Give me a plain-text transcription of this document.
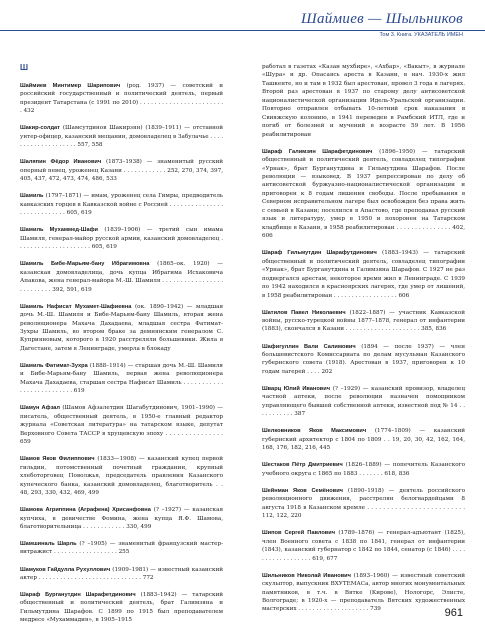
Шаймиев — Шыльников
Том 3. Книга. УКАЗАТЕЛЬ ИМЕН
Ш

Шаймиев Минтимер Шарипович (род. 1937) — советский и российский государственный и политический деятель, первый президент Татарстана (с 1991 по 2010) . . . . . . . . . . . . . . . . . . . . . . . . 432

Шакир-солдат (Шамсутдинов Шакирзян) (1839–1911) — отставной унтер-офицер, казанский мещанин, домовладелец в Забулачье . . . . . . . . . . . . . . . . . . . . 557, 558

Шаляпин Фёдор Иванович (1873–1938) — знаменитый русский оперный певец, уроженец Казани . . . . . . . . . . . . 252, 270, 374, 397, 405, 437, 472, 473, 474, 486, 533

Шамиль (1797–1871) — имам, уроженец села Гимры, предводитель кавказских горцев в Кавказской войне с Россией . . . . . . . . . . . . . . . . . . . . . . . . . . . . 605, 619

Шамиль Мухаммед-Шафи (1839–1906) — третий сын имама Шамиля, генерал-майор русской армии, казанский домовладелец . . . . . . . . . . . . . . . . . . . . . 605, 619

Шамиль Бибе-Марьям-бану Ибрагимовна (1865–ок. 1920) — казанская домовладелица, дочь купца Ибрагима Исхаковича Апакова, жена генерал-майора М.-Ш. Шамиля . . . . . . . . . . . . . . . . . . . . . . . . . . 392, 591, 619

Шамиль Нафисат Мухамет-Шафиевна (ок. 1890–1942) — младшая дочь М.-Ш. Шамиля и Бибе-Марьям-бану Шамиль, вторая жена революционера Махача Дахадаева, младшая сестра Фатимат-Зухры Шамиль, во втором браке за демнянским генералом С. Куприяновым, которого в 1920 расстреляли большевики. Жила в Дагестане, затем в Ленинграде, умерла в блокаду

Шамиль Фатимат-Зухра (1888–1914) — старшая дочь М.-Ш. Шамиля и Бибе-Марьям-бану Шамиль, первая жена революционера Махача Дахадаева, старшая сестра Нафисат Шамиль . . . . . . . . . . . . . . . . . . . . . . . . . . 619

Шамун Афзал (Шамов Афзалетдин Шагабутдинович, 1901–1990) — писатель, общественный деятель, в 1950-е главный редактор журнала «Советская литература» на татарском языке, депутат Верховного Совета ТАССР в хрущевскую эпоху . . . . . . . . . . . . . . . 659

Шамов Яков Филиппович (1833—1908) — казанский купец первой гильдии, потомственный почетный гражданин, крупный хлеботорговец Поволжья, председатель правления Казанского купеческого банка, казанский домовладелец, благотворитель . . 48, 293, 330, 432, 469, 499

Шамова Агриппина (Аграфена) Хрисанфовна (? –1927) — казанская купчиха, в девичестве Фомина, жена купца Я.Ф. Шамова, благотворительница . . . . . . . . . . . . 330, 499

Шамшиналь Шарль (? –1905) — знаменитый французский мастер-витражист . . . . . . . . . . . . . . . . . . 255

Шамуков Гайдулла Рухуллович (1909–1981) — известный казанский актер . . . . . . . . . . . . . . . . . . . . . . . . . . . . . 772

Шараф Бурганутдин Шарафетдинович (1883–1942) — татарский общественный и политический деятель, брат Галимзяна и Гильмутдина Шарафов. С 1899 по 1915 был преподавателем медресе «Мухаммадия», в 1905–1915

работал в газетах «Казан мухбире», «Ахбар», «Вакыт», в журнале «Шура» и др. Опасаясь ареста в Казани, в нач. 1930-х жил Ташкенте, но и там в 1932 был арестован, провел 3 года в лагерях. Второй раз арестован в 1937 по старому делу антисоветской националистической организации Идель-Уральской организации. Повторно отправлен отбывать 10-летний срок наказания в Свияжскую колонию, в 1941 переведен в Рамбский ИТЛ, где и погиб от болезней и мучений в возрасте 59 лет. В 1956 реабилитирован

Шараф Галимзян Шарафетдинович (1896–1950) — татарский общественный и политический деятель, совладелец типографии «Урнак», брат Бурганутдина и Гильмутдина Шарафов. После революции — языковед. В 1937 репрессирован по делу об антисоветской буржуазно-националистической организации и приговорен к 8 годам лишения свободы. После пребывания в Северном исправительном лагере был освобожден без права жить с семьей в Казани; поселился в Апастово, где преподавал русский язык и литературу, умер в 1950 и похоронен на Татарском кладбище в Казани, в 1958 реабилитирован . . . . . . . . . . . . . . . 402, 606

Шараф Гильмутдин Шарафутдинович (1883–1943) — татарский общественный и политический деятель, совладелец типографии «Урнак», брат Бурганутдина и Галимзяна Шарафов. С 1927 не раз подвергался арестам, некоторое время жил в Ленинграде. С 1939 по 1942 находился в красноярских лагерях, где умер от лишений, в 1958 реабилитирован . . . . . . . . . . . . . . . . . . 606

Шатилов Павел Николаевич (1822–1887) — участник Кавказской войны, русско-турецкой войны 1877–1878, генерал от инфантерии (1883), скончался в Казани . . . . . . . . . . . . . . . . . . . . . 385, 836

Шафигуллин Вали Салимович (1894 — после 1937) — член большевистского Комиссариата по делам мусульман Казанского губернского совета (1918). Арестован в 1937, приговорен к 10 годам лагерей . . . . 202

Шварц Юлий Иванович (? –1929) — казанский провизор, владелец частной аптеки, после революции назначен помощником управляющего бывшей собственной аптеки, известной под № 14 . . . . . . . . . . . 387

Шелковников Яков Максимович (1774–1809) — казанский губернский архитектор с 1804 по 1809 . . 19, 20, 30, 42, 162, 164, 168, 176, 182, 216, 445

Шестаков Пётр Дмитриевич (1826–1889) — попечитель Казанского учебного округа с 1865 по 1883 . . . . . . . 618, 836

Шейнман Яков Семёнович (1890–1918) — деятель российского революционного движения, расстрелян белогвардейцами 8 августа 1918 в Казанском кремле . . . . . . . . . . . . . . . . . . . . . . . . . 112, 122, 220

Шипов Сергей Павлович (1789–1876) — генерал-адъютант (1825), член Военного совета с 1838 по 1841, генерал от инфантерии (1843), казанский губернатор с 1842 по 1844, сенатор (с 1846) . . . . . . . . . . . . . . . . . . 619, 677

Шильников Николай Иванович (1893–1960) — известный советский скульптор, выпускник ВХУТЕМАСа, автор многих монументальных памятников, в т.ч. в Вятке (Кирове), Нологорс, Элисте, Волгограде; в 1920-х — преподаватель Вятских художественных мастерских . . . . . . . . . . . . . . . . . . . . 739	961
